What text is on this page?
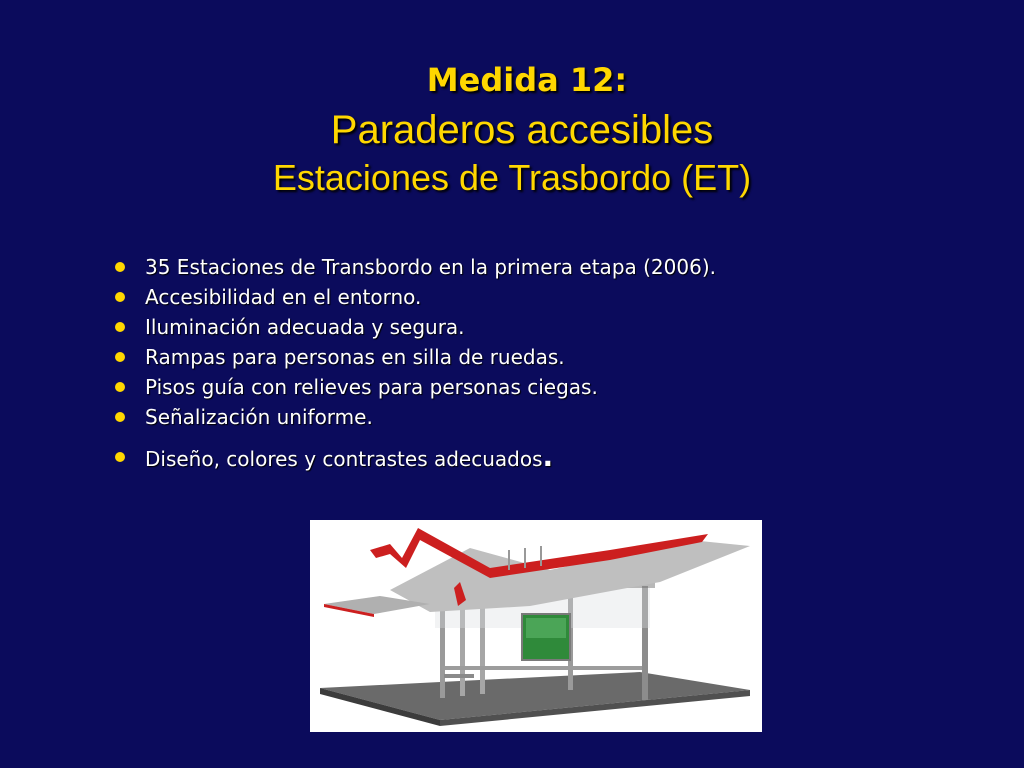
Medida 12:
Paraderos accesibles
Estaciones de Trasbordo (ET)
35 Estaciones de Transbordo en la primera etapa (2006).
Accesibilidad en el entorno.
Iluminación adecuada y segura.
Rampas para personas en silla de ruedas.
Pisos guía con relieves para personas ciegas.
Señalización uniforme.
Diseño, colores y contrastes adecuados.
